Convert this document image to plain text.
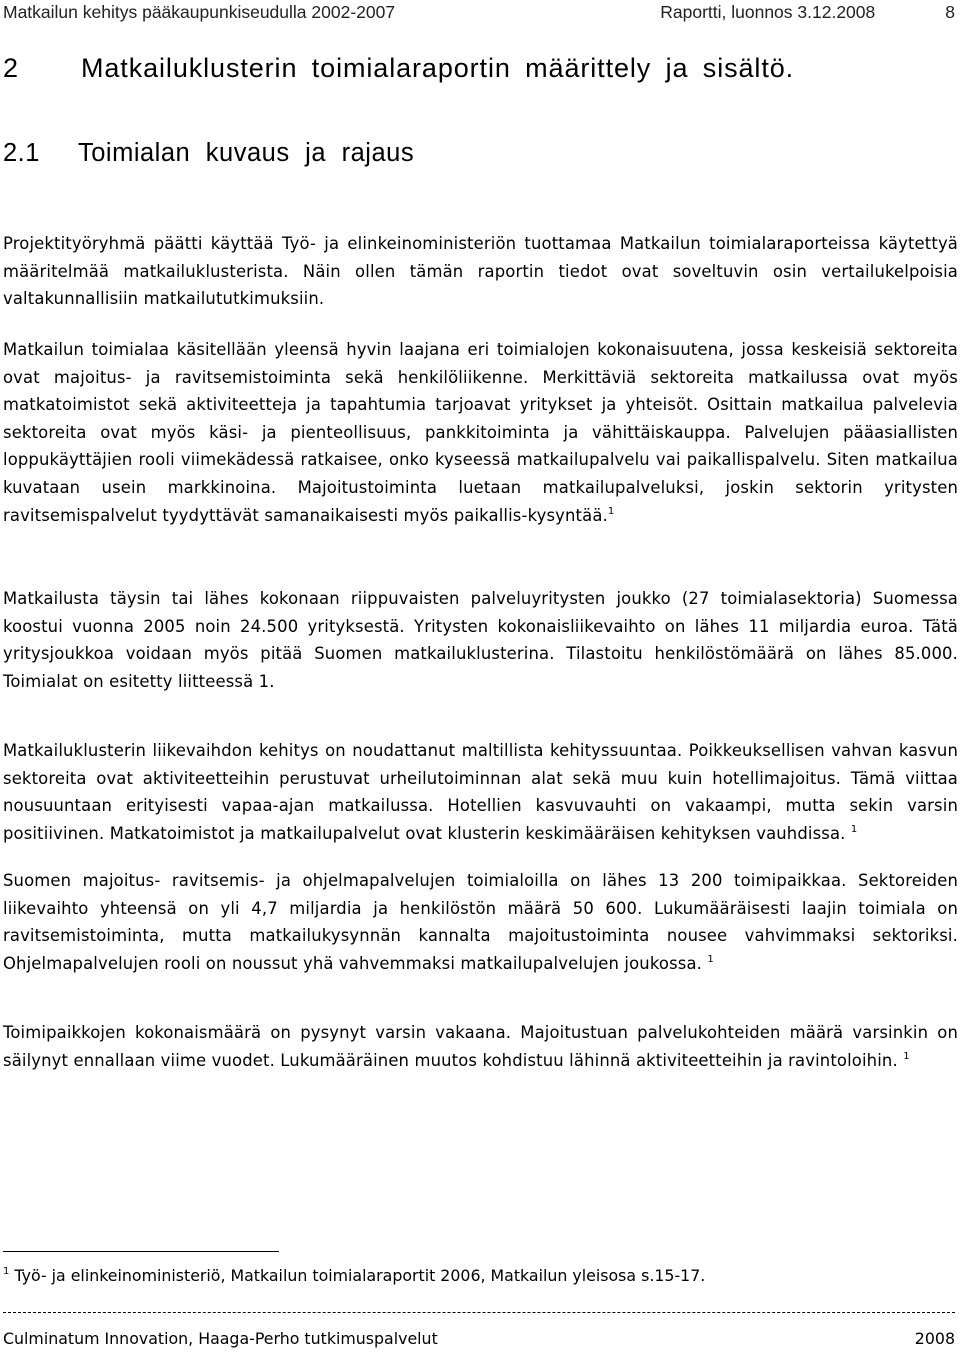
Matkailun kehitys pääkaupunkiseudulla 2002-2007	Raportti, luonnos 3.12.2008	8
2 Matkailuklusterin toimialaraportin määrittely ja sisältö.
2.1 Toimialan kuvaus ja rajaus

Projektityöryhmä päätti käyttää Työ- ja elinkeinoministeriön tuottamaa Matkailun toimialaraporteissa käytettyä määritelmää matkailuklusterista. Näin ollen tämän raportin tiedot ovat soveltuvin osin vertailukelpoisia valtakunnallisiin matkailututkimuksiin.

Matkailun toimialaa käsitellään yleensä hyvin laajana eri toimialojen kokonaisuutena, jossa keskeisiä sektoreita ovat majoitus- ja ravitsemistoiminta sekä henkilöliikenne. Merkittäviä sektoreita matkailussa ovat myös matkatoimistot sekä aktiviteetteja ja tapahtumia tarjoavat yritykset ja yhteisöt. Osittain matkailua palvelevia sektoreita ovat myös käsi- ja pienteollisuus, pankkitoiminta ja vähittäiskauppa. Palvelujen pääasiallisten loppukäyttäjien rooli viimekädessä ratkaisee, onko kyseessä matkailupalvelu vai paikallispalvelu. Siten matkailua kuvataan usein markkinoina. Majoitustoiminta luetaan matkailupalveluksi, joskin sektorin yritysten ravitsemispalvelut tyydyttävät samanaikaisesti myös paikallis-kysyntää.$^1$

Matkailusta täysin tai lähes kokonaan riippuvaisten palveluyritysten joukko (27 toimialasektoria) Suomessa koostui vuonna 2005 noin 24.500 yrityksestä. Yritysten kokonaisliikevaihto on lähes 11 miljardia euroa. Tätä yritysjoukkoa voidaan myös pitää Suomen matkailuklusterina. Tilastoitu henkilöstömäärä on lähes 85.000. Toimialat on esitetty liitteessä 1.

Matkailuklusterin liikevaihdon kehitys on noudattanut maltillista kehityssuuntaa. Poikkeuksellisen vahvan kasvun sektoreita ovat aktiviteetteihin perustuvat urheilutoiminnan alat sekä muu kuin hotellimajoitus. Tämä viittaa nousuuntaan erityisesti vapaa-ajan matkailussa. Hotellien kasvuvauhti on vakaampi, mutta sekin varsin positiivinen. Matkatoimistot ja matkailupalvelut ovat klusterin keskimääräisen kehityksen vauhdissa. $^1$

Suomen majoitus- ravitsemis- ja ohjelmapalvelujen toimialoilla on lähes 13 200 toimipaikkaa. Sektoreiden liikevaihto yhteensä on yli 4,7 miljardia ja henkilöstön määrä 50 600. Lukumääräisesti laajin toimiala on ravitsemistoiminta, mutta matkailukysynnän kannalta majoitustoiminta nousee vahvimmaksi sektoriksi. Ohjelmapalvelujen rooli on noussut yhä vahvemmaksi matkailupalvelujen joukossa. $^1$

Toimipaikkojen kokonaismäärä on pysynyt varsin vakaana. Majoitustuan palvelukohteiden määrä varsinkin on säilynyt ennallaan viime vuodet. Lukumääräinen muutos kohdistuu lähinnä aktiviteetteihin ja ravintoloihin. $^1$

$^1$ Työ- ja elinkeinoministeriö, Matkailun toimialaraportit 2006, Matkailun yleisosa s.15-17.
Culminatum Innovation, Haaga-Perho tutkimuspalvelut	2008
